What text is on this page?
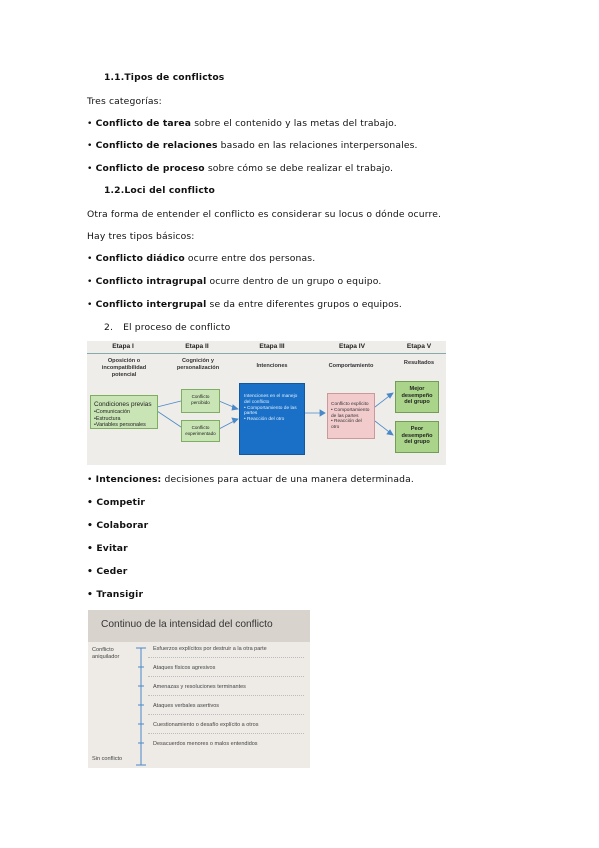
1.1.Tipos de conflictos
Tres categorías:
• Conflicto de tarea sobre el contenido y las metas del trabajo.
• Conflicto de relaciones basado en las relaciones interpersonales.
• Conflicto de proceso sobre cómo se debe realizar el trabajo.
1.2.Loci del conflicto
Otra forma de entender el conflicto es considerar su locus o dónde ocurre.
Hay tres tipos básicos:
• Conflicto diádico ocurre entre dos personas.
• Conflicto intragrupal ocurre dentro de un grupo o equipo.
• Conflicto intergrupal se da entre diferentes grupos o equipos.
2. El proceso de conflicto
Etapa I	Etapa II	Etapa III	Etapa IV	Etapa V
Oposición o incompatibilidad potencial
Cognición y personalización	Intenciones	Comportamiento	Resultados
Condiciones previas
•Comunicación
•Estructura
•Variables personales
Conflicto percibido
Conflicto experimentado
Intenciones en el manejo del conflicto
• Comportamiento de las partes
• Reacción del otro
Conflicto explícito
• Comportamiento de las partes
• Reacción del otro
Mejor desempeño del grupo
Peor desempeño del grupo
• Intenciones: decisiones para actuar de una manera determinada.
• Competir
• Colaborar
• Evitar
• Ceder
• Transigir
Continuo de la intensidad del conflicto
Conflicto aniquilador
Sin conflicto
Esfuerzos explícitos por destruir a la otra parte
Ataques físicos agresivos
Amenazas y resoluciones terminantes
Ataques verbales asertivos
Cuestionamiento o desafío explícito a otros
Desacuerdos menores o malos entendidos
